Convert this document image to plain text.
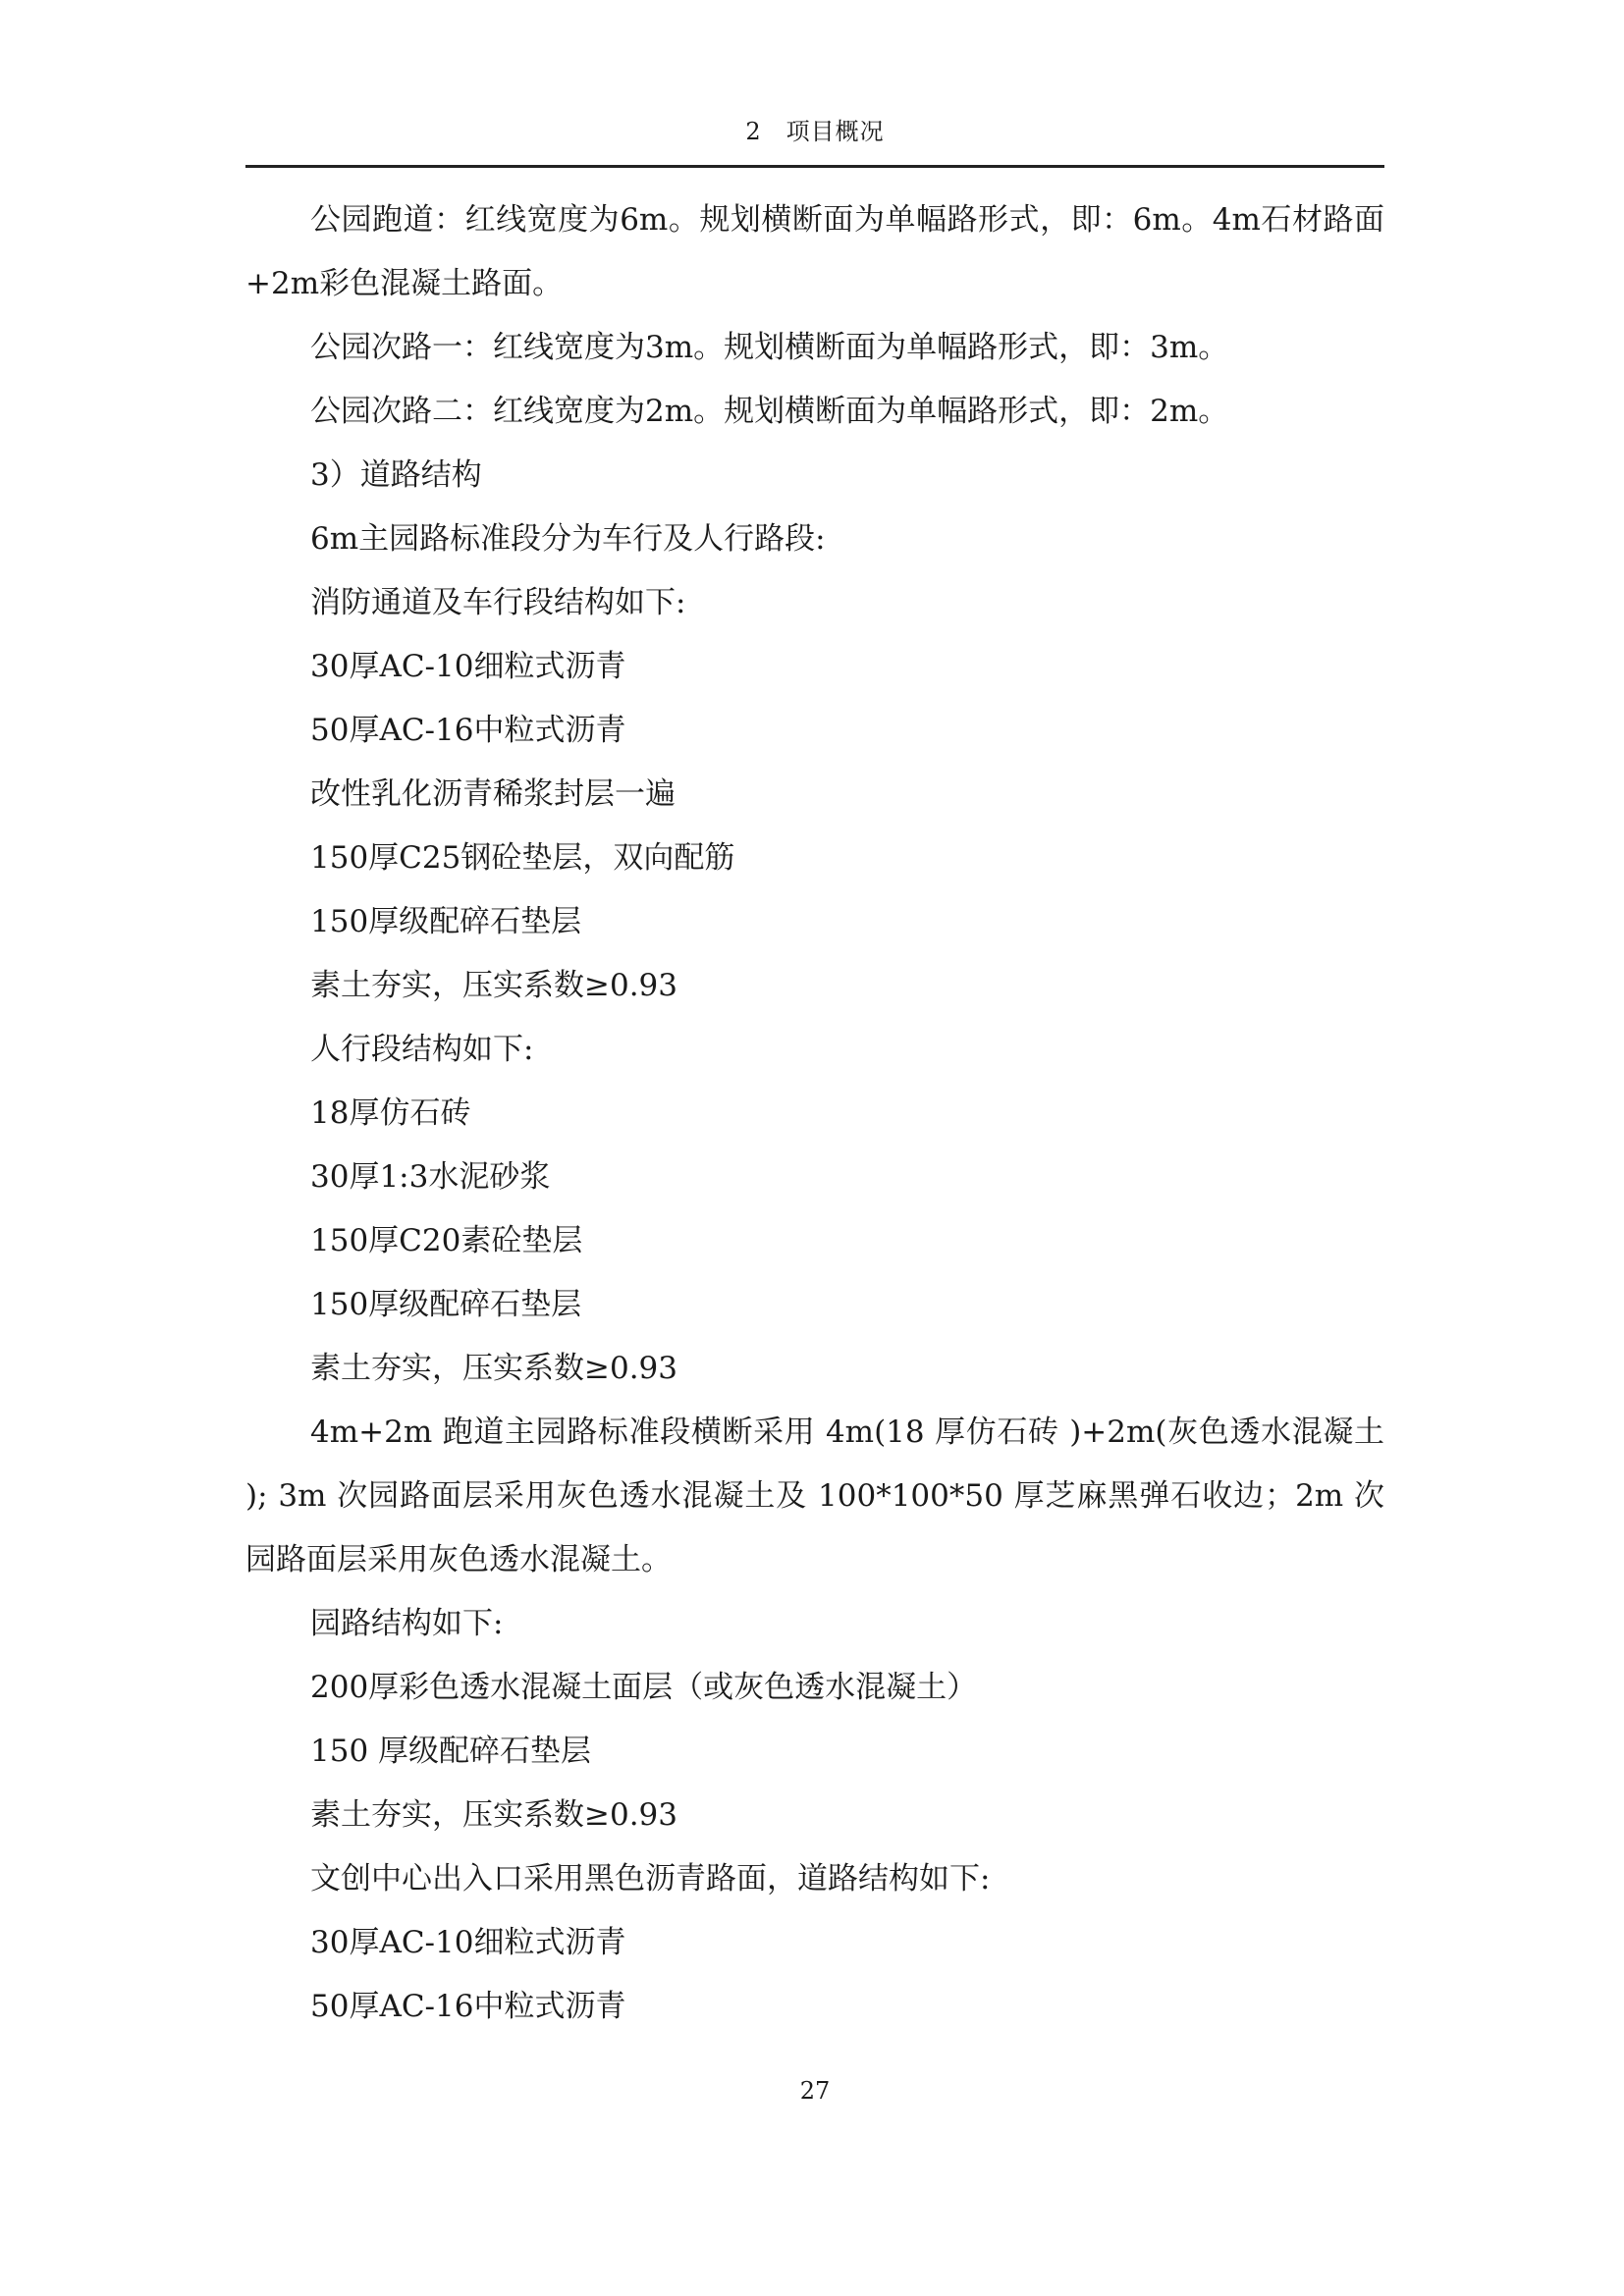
2　项目概况

公园跑道：红线宽度为6m。规划横断面为单幅路形式，即：6m。4m石材路面+2m彩色混凝土路面。

公园次路一：红线宽度为3m。规划横断面为单幅路形式，即：3m。

公园次路二：红线宽度为2m。规划横断面为单幅路形式，即：2m。

3）道路结构

6m主园路标准段分为车行及人行路段:

消防通道及车行段结构如下:

30厚AC-10细粒式沥青

50厚AC-16中粒式沥青

改性乳化沥青稀浆封层一遍

150厚C25钢砼垫层，双向配筋

150厚级配碎石垫层

素土夯实，压实系数≥0.93

人行段结构如下:

18厚仿石砖

30厚1:3水泥砂浆

150厚C20素砼垫层

150厚级配碎石垫层

素土夯实，压实系数≥0.93

4m+2m 跑道主园路标准段横断采用 4m(18 厚仿石砖 )+2m(灰色透水混凝土 ); 3m 次园路面层采用灰色透水混凝土及 100*100*50 厚芝麻黑弹石收边；2m 次园路面层采用灰色透水混凝土。

园路结构如下:

200厚彩色透水混凝土面层（或灰色透水混凝土）

150 厚级配碎石垫层

素土夯实，压实系数≥0.93

文创中心出入口采用黑色沥青路面，道路结构如下:

30厚AC-10细粒式沥青

50厚AC-16中粒式沥青

27
